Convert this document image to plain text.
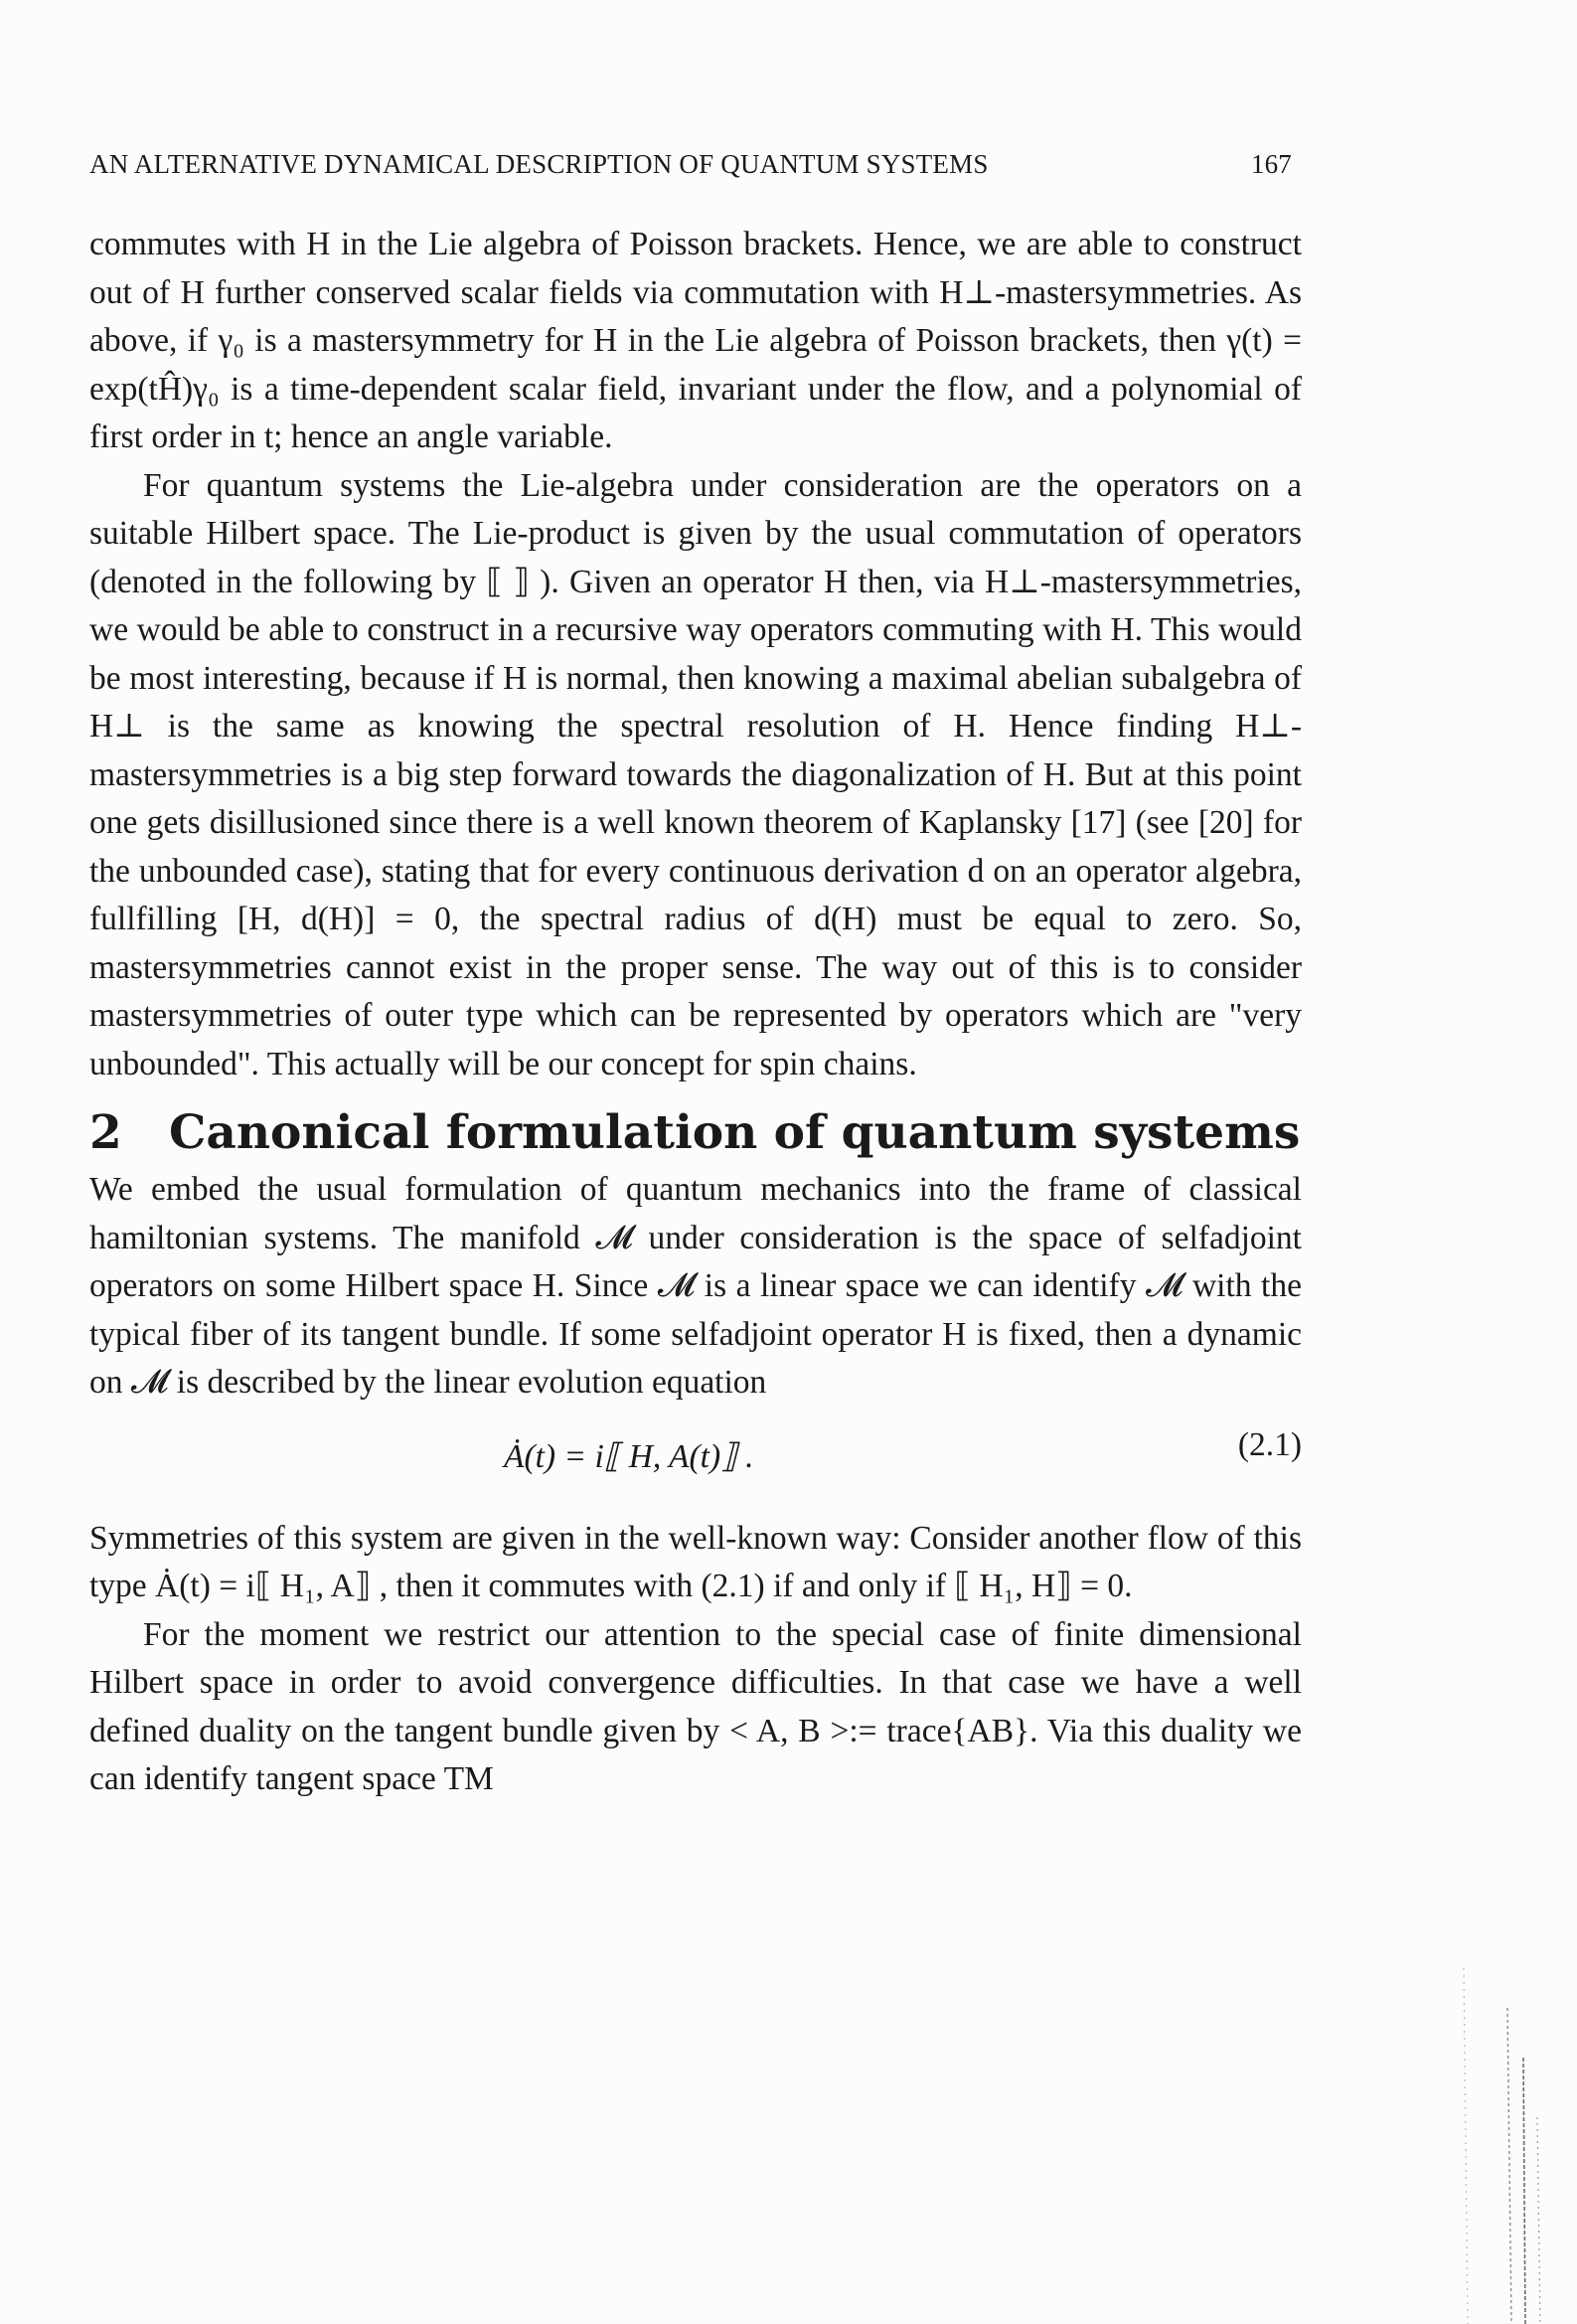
AN ALTERNATIVE DYNAMICAL DESCRIPTION OF QUANTUM SYSTEMS	167

commutes with H in the Lie algebra of Poisson brackets. Hence, we are able to construct out of H further conserved scalar fields via commutation with H⊥-mastersymmetries. As above, if γ₀ is a mastersymmetry for H in the Lie algebra of Poisson brackets, then γ(t) = exp(tĤ)γ₀ is a time-dependent scalar field, invariant under the flow, and a polynomial of first order in t; hence an angle variable.

For quantum systems the Lie-algebra under consideration are the operators on a suitable Hilbert space. The Lie-product is given by the usual commutation of operators (denoted in the following by ⟦ ⟧ ). Given an operator H then, via H⊥-mastersymmetries, we would be able to construct in a recursive way operators commuting with H. This would be most interesting, because if H is normal, then knowing a maximal abelian subalgebra of H⊥ is the same as knowing the spectral resolution of H. Hence finding H⊥-mastersymmetries is a big step forward towards the diagonalization of H. But at this point one gets disillusioned since there is a well known theorem of Kaplansky [17] (see [20] for the unbounded case), stating that for every continuous derivation d on an operator algebra, fullfilling [H, d(H)] = 0, the spectral radius of d(H) must be equal to zero. So, mastersymmetries cannot exist in the proper sense. The way out of this is to consider mastersymmetries of outer type which can be represented by operators which are "very unbounded". This actually will be our concept for spin chains.

2 Canonical formulation of quantum systems

We embed the usual formulation of quantum mechanics into the frame of classical hamiltonian systems. The manifold 𝓜 under consideration is the space of selfadjoint operators on some Hilbert space H. Since 𝓜 is a linear space we can identify 𝓜 with the typical fiber of its tangent bundle. If some selfadjoint operator H is fixed, then a dynamic on 𝓜 is described by the linear evolution equation

Ȧ(t) = i⟦ H, A(t)⟧ .	(2.1)

Symmetries of this system are given in the well-known way: Consider another flow of this type Ȧ(t) = i⟦ H₁, A⟧ , then it commutes with (2.1) if and only if ⟦ H₁, H⟧ = 0.

For the moment we restrict our attention to the special case of finite dimensional Hilbert space in order to avoid convergence difficulties. In that case we have a well defined duality on the tangent bundle given by < A, B >:= trace{AB}. Via this duality we can identify tangent space TM
